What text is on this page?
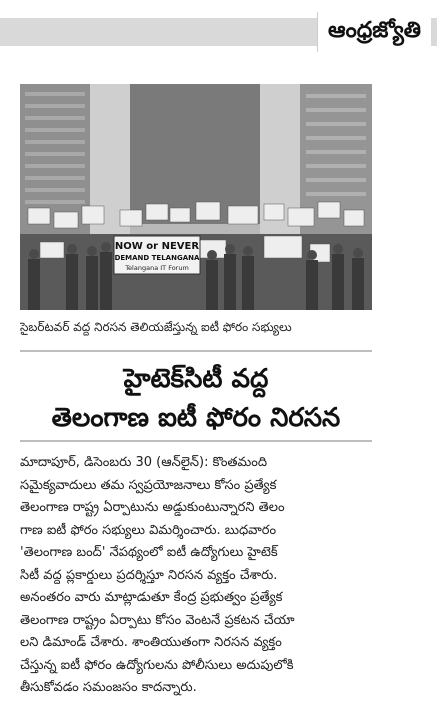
ఆంధ్రజ్యోతి
NOW or NEVER
DEMAND TELANGANA
Telangana IT Forum
సైబర్‌టవర్ వద్ద నిరసన తెలియజేస్తున్న ఐటీ ఫోరం సభ్యులు
హైటెక్‌సిటీ వద్ద
తెలంగాణ ఐటీ ఫోరం నిరసన
మాదాపూర్, డిసెంబరు 30 (ఆన్‌లైన్): కొంతమంది
సమైక్యవాదులు తమ స్వప్రయోజనాలు కోసం ప్రత్యేక
తెలంగాణ రాష్ట్ర ఏర్పాటును అడ్డుకుంటున్నారని తెలం
గాణ ఐటీ ఫోరం సభ్యులు విమర్శించారు. బుధవారం
'తెలంగాణ బంద్' నేపథ్యంలో ఐటీ ఉద్యోగులు హైటెక్
సిటీ వద్ద ప్లకార్డులు ప్రదర్శిస్తూ నిరసన వ్యక్తం చేశారు.
అనంతరం వారు మాట్లాడుతూ కేంద్ర ప్రభుత్వం ప్రత్యేక
తెలంగాణ రాష్ట్రం ఏర్పాటు కోసం వెంటనే ప్రకటన చేయా
లని డిమాండ్ చేశారు. శాంతియుతంగా నిరసన వ్యక్తం
చేస్తున్న ఐటీ ఫోరం ఉద్యోగులను పోలీసులు అదుపులోకి
తీసుకోవడం సమంజసం కాదన్నారు.
